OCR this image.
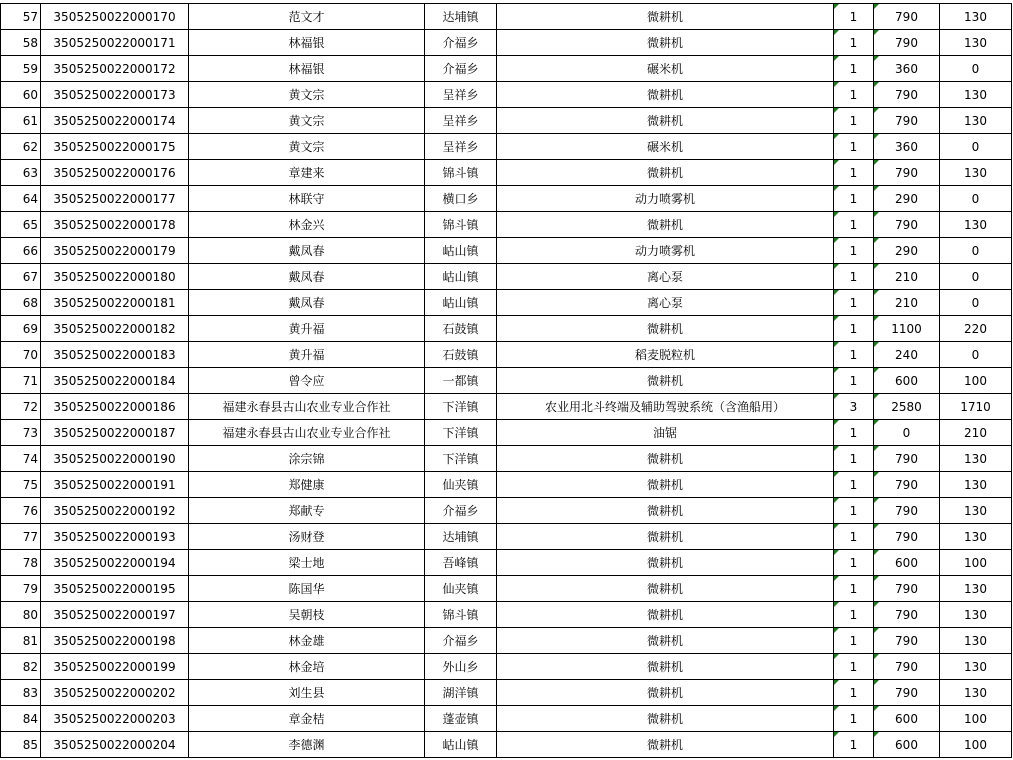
57	3505250022000170	范文才	达埔镇	微耕机	1	790	130
58	3505250022000171	林福银	介福乡	微耕机	1	790	130
59	3505250022000172	林福银	介福乡	碾米机	1	360	0
60	3505250022000173	黄文宗	呈祥乡	微耕机	1	790	130
61	3505250022000174	黄文宗	呈祥乡	微耕机	1	790	130
62	3505250022000175	黄文宗	呈祥乡	碾米机	1	360	0
63	3505250022000176	章建来	锦斗镇	微耕机	1	790	130
64	3505250022000177	林联守	横口乡	动力喷雾机	1	290	0
65	3505250022000178	林金兴	锦斗镇	微耕机	1	790	130
66	3505250022000179	戴凤春	岵山镇	动力喷雾机	1	290	0
67	3505250022000180	戴凤春	岵山镇	离心泵	1	210	0
68	3505250022000181	戴凤春	岵山镇	离心泵	1	210	0
69	3505250022000182	黄升福	石鼓镇	微耕机	1	1100	220
70	3505250022000183	黄升福	石鼓镇	稻麦脱粒机	1	240	0
71	3505250022000184	曾令应	一都镇	微耕机	1	600	100
72	3505250022000186	福建永春县古山农业专业合作社	下洋镇	农业用北斗终端及辅助驾驶系统（含渔船用）	3	2580	1710
73	3505250022000187	福建永春县古山农业专业合作社	下洋镇	油锯	1	0	210
74	3505250022000190	涂宗锦	下洋镇	微耕机	1	790	130
75	3505250022000191	郑健康	仙夹镇	微耕机	1	790	130
76	3505250022000192	郑献专	介福乡	微耕机	1	790	130
77	3505250022000193	汤财登	达埔镇	微耕机	1	790	130
78	3505250022000194	梁士地	吾峰镇	微耕机	1	600	100
79	3505250022000195	陈国华	仙夹镇	微耕机	1	790	130
80	3505250022000197	吴朝枝	锦斗镇	微耕机	1	790	130
81	3505250022000198	林金雄	介福乡	微耕机	1	790	130
82	3505250022000199	林金培	外山乡	微耕机	1	790	130
83	3505250022000202	刘生县	湖洋镇	微耕机	1	790	130
84	3505250022000203	章金桔	蓬壶镇	微耕机	1	600	100
85	3505250022000204	李德渊	岵山镇	微耕机	1	600	100
